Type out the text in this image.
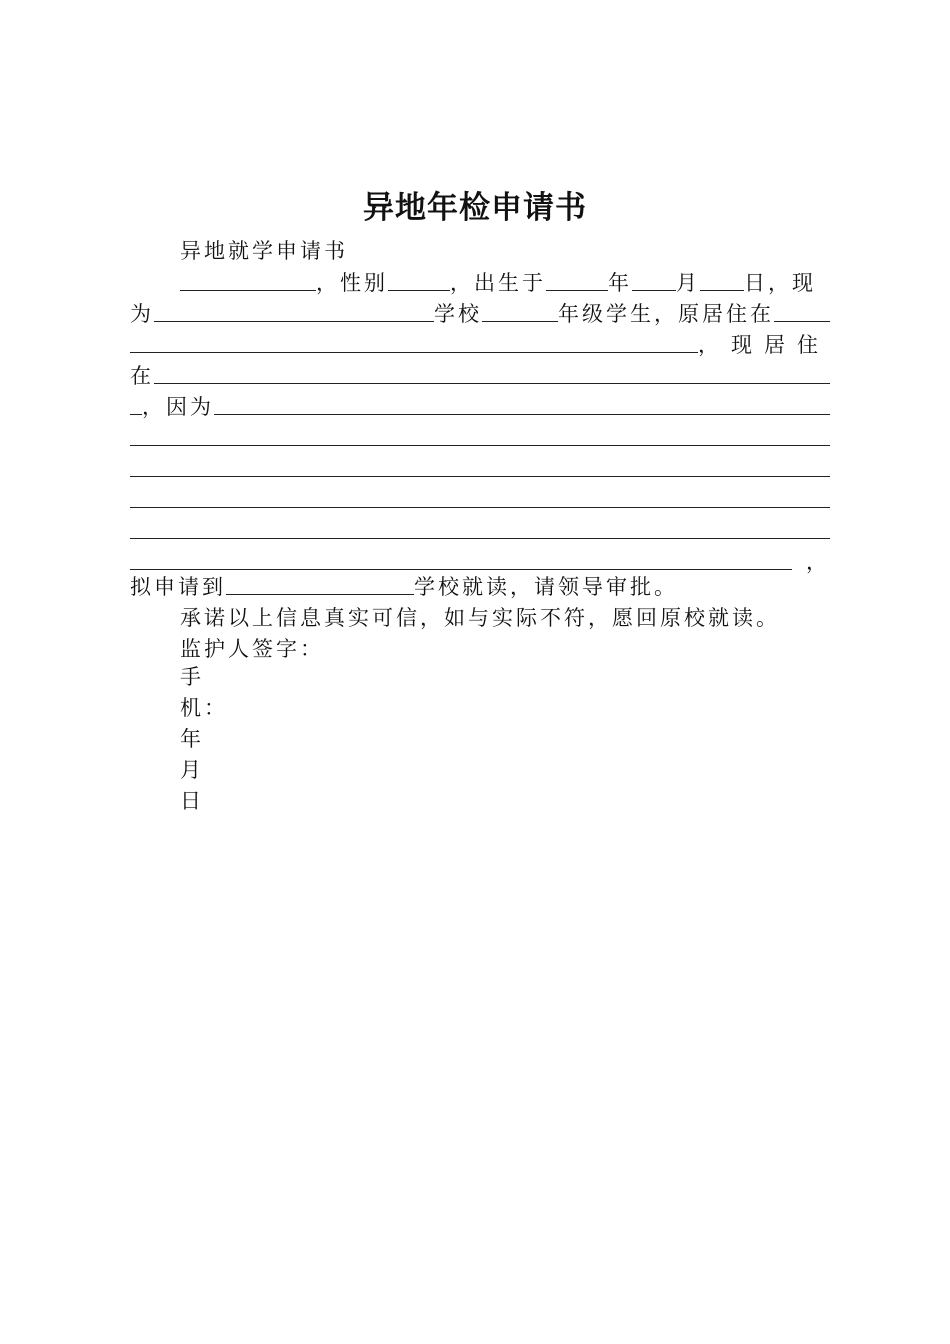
异地年检申请书
异地就学申请书
，性别	，出生于	年 月 日，现
为	学校	年级学生，原居住在
，现居住
在
，因为
，
拟申请到	学校就读，请领导审批。
承诺以上信息真实可信，如与实际不符，愿回原校就读。
监护人签字：
手
机：
年
月
日
